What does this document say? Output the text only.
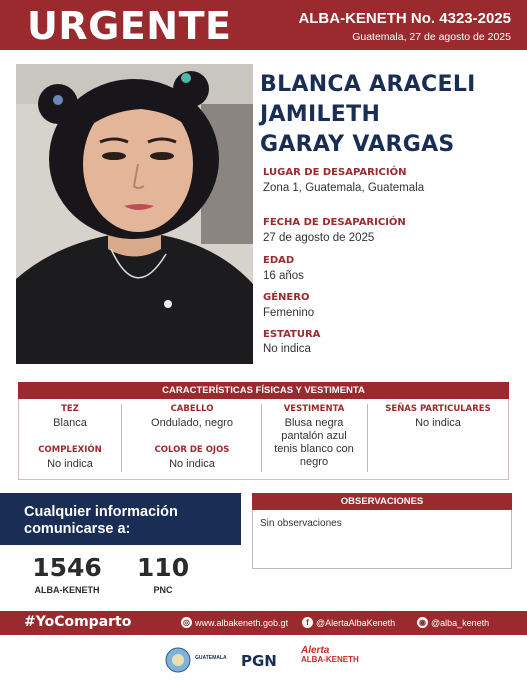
URGENTE	ALBA-KENETH No. 4323-2025
Guatemala, 27 de agosto de 2025
BLANCA ARACELI
JAMILETH
GARAY VARGAS
LUGAR DE DESAPARICIÓN
Zona 1, Guatemala, Guatemala
FECHA DE DESAPARICIÓN
27 de agosto de 2025
EDAD
16 años
GÉNERO
Femenino
ESTATURA
No indica
CARACTERÍSTICAS FÍSICAS Y VESTIMENTA
TEZ
Blanca
CABELLO
Ondulado, negro
VESTIMENTA
Blusa negra
pantalón azul
tenis blanco con
negro
SEÑAS PARTICULARES
No indica
COMPLEXIÓN
No indica
COLOR DE OJOS
No indica
Cualquier información
comunicarse a:
1546
ALBA-KENETH
110
PNC
OBSERVACIONES
Sin observaciones
#YoComparto	◎ www.albakeneth.gob.gt	f @AlertaAlbaKeneth	◉ @alba_keneth
GUATEMALA PGN
Alerta
ALBA-KENETH
